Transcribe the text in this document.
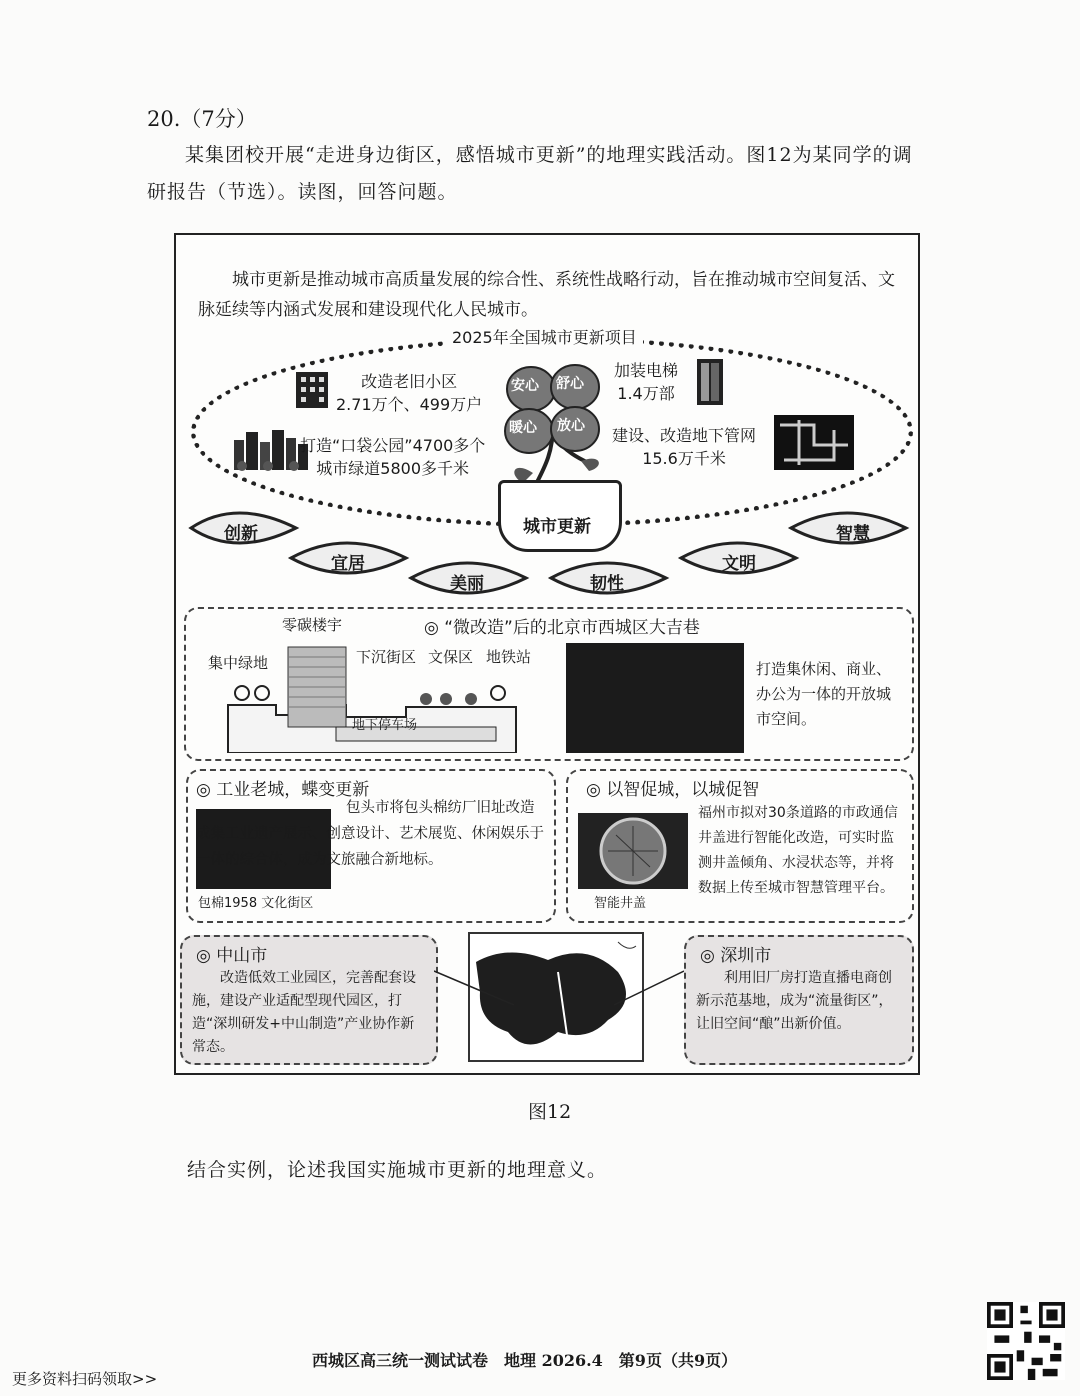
20.（7分）
某集团校开展“走进身边街区，感悟城市更新”的地理实践活动。图12为某同学的调
研报告（节选）。读图，回答问题。
城市更新是推动城市高质量发展的综合性、系统性战略行动，旨在推动城市空间复活、文脉延续等内涵式发展和建设现代化人民城市。
2025年全国城市更新项目
改造老旧小区
2.71万个、499万户
打造“口袋公园”4700多个
城市绿道5800多千米
安心 舒心
暖心 放心
城市更新
加装电梯
1.4万部
建设、改造地下管网
15.6万千米
创新
宜居
美丽	韧性
文明
智慧
◎ “微改造”后的北京市西城区大吉巷
零碳楼宇
集中绿地	下沉街区 文保区 地铁站
地下停车场
打造集休闲、商业、办公为一体的开放城市空间。
◎ 工业老城，蝶变更新
包头市将包头棉纺厂旧址改造成集工业遗产展示、创意设计、艺术展览、休闲娱乐于一体的综合体，成为文旅融合新地标。
包棉1958 文化街区
◎ 以智促城，以城促智
福州市拟对30条道路的市政通信井盖进行智能化改造，可实时监测井盖倾角、水浸状态等，并将数据上传至城市智慧管理平台。
智能井盖
◎ 中山市
改造低效工业园区，完善配套设施，建设产业适配型现代园区，打造“深圳研发+中山制造”产业协作新常态。
◎ 深圳市
利用旧厂房打造直播电商创新示范基地，成为“流量街区”，让旧空间“酿”出新价值。
图12
结合实例，论述我国实施城市更新的地理意义。
西城区高三统一测试试卷　地理 2026.4　第9页（共9页）
更多资料扫码领取>>
